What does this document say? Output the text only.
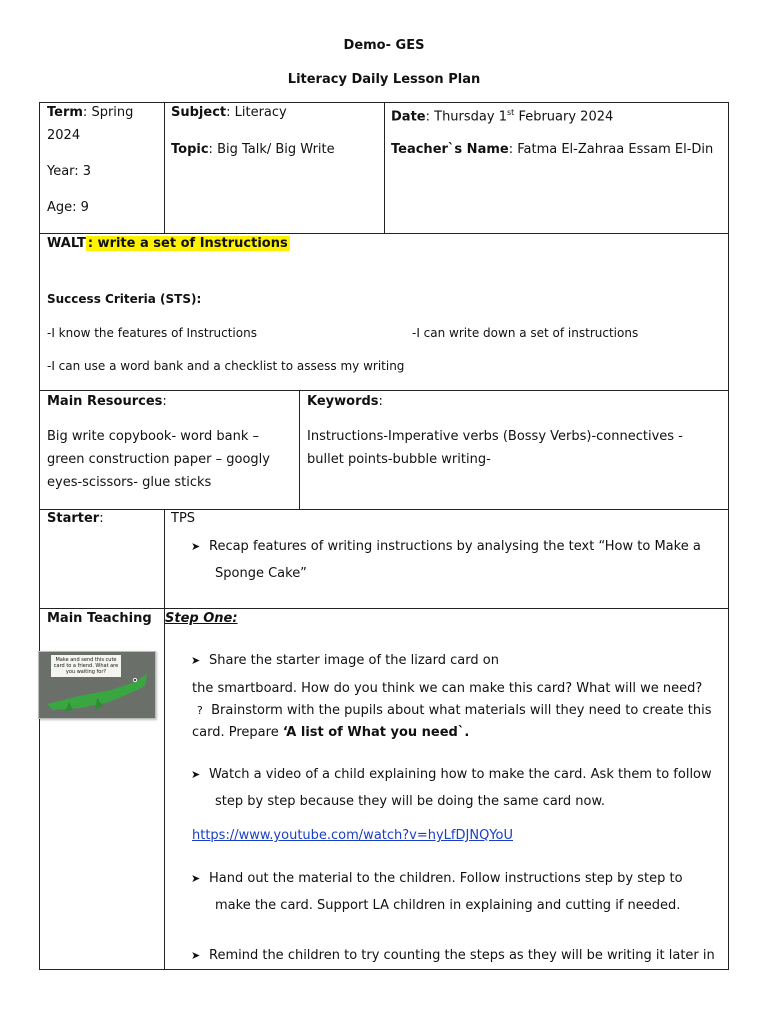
Demo- GES
Literacy Daily Lesson Plan
Term: Spring
2024
Year: 3
Age: 9
Subject: Literacy
Topic: Big Talk/ Big Write
Date: Thursday 1st February 2024
Teacher`s Name: Fatma El-Zahraa Essam El-Din
WALT : write a set of Instructions
Success Criteria (STS):
-I know the features of Instructions	-I can write down a set of instructions
-I can use a word bank and a checklist to assess my writing
Main Resources:
Big write copybook- word bank –
green construction paper – googly
eyes-scissors- glue sticks
Keywords:
Instructions-Imperative verbs (Bossy Verbs)-connectives -
bullet points-bubble writing-
Starter:	TPS
➤ Recap features of writing instructions by analysing the text “How to Make a
Sponge Cake”
Main Teaching
Make and send this cute card to a friend. What are you waiting for?
Step One:
➤ Share the starter image of the lizard card on
the smartboard. How do you think we can make this card? What will we need?
? Brainstorm with the pupils about what materials will they need to create this
card. Prepare ‘A list of What you need`.
➤ Watch a video of a child explaining how to make the card. Ask them to follow
step by step because they will be doing the same card now.
https://www.youtube.com/watch?v=hyLfDJNQYoU
➤ Hand out the material to the children. Follow instructions step by step to
make the card. Support LA children in explaining and cutting if needed.
➤ Remind the children to try counting the steps as they will be writing it later in
